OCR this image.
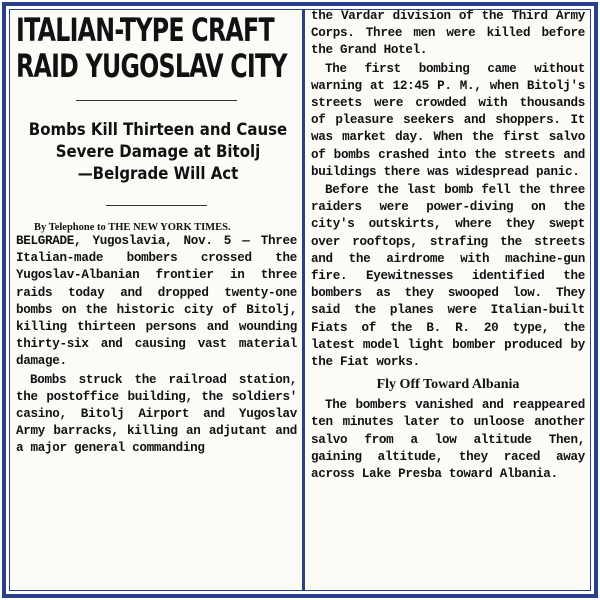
ITALIAN-TYPE CRAFT
RAID YUGOSLAV CITY
Bombs Kill Thirteen and Cause
Severe Damage at Bitolj
—Belgrade Will Act
By Telephone to THE NEW YORK TIMES.

BELGRADE, Yugoslavia, Nov. 5 — Three Italian-made bombers crossed the Yugoslav-Albanian frontier in three raids today and dropped twenty-one bombs on the historic city of Bitolj, killing thirteen persons and wounding thirty-six and causing vast material damage.

Bombs struck the railroad station, the postoffice building, the soldiers' casino, Bitolj Airport and Yugoslav Army barracks, killing an adjutant and a major general commanding

the Vardar division of the Third Army Corps. Three men were killed before the Grand Hotel.

The first bombing came without warning at 12:45 P. M., when Bitolj's streets were crowded with thousands of pleasure seekers and shoppers. It was market day. When the first salvo of bombs crashed into the streets and buildings there was widespread panic.

Before the last bomb fell the three raiders were power-diving on the city's outskirts, where they swept over rooftops, strafing the streets and the airdrome with machine-gun fire. Eyewitnesses identified the bombers as they swooped low. They said the planes were Italian-built Fiats of the B. R. 20 type, the latest model light bomber produced by the Fiat works.

Fly Off Toward Albania

The bombers vanished and reappeared ten minutes later to unloose another salvo from a low altitude Then, gaining altitude, they raced away across Lake Presba toward Albania.
